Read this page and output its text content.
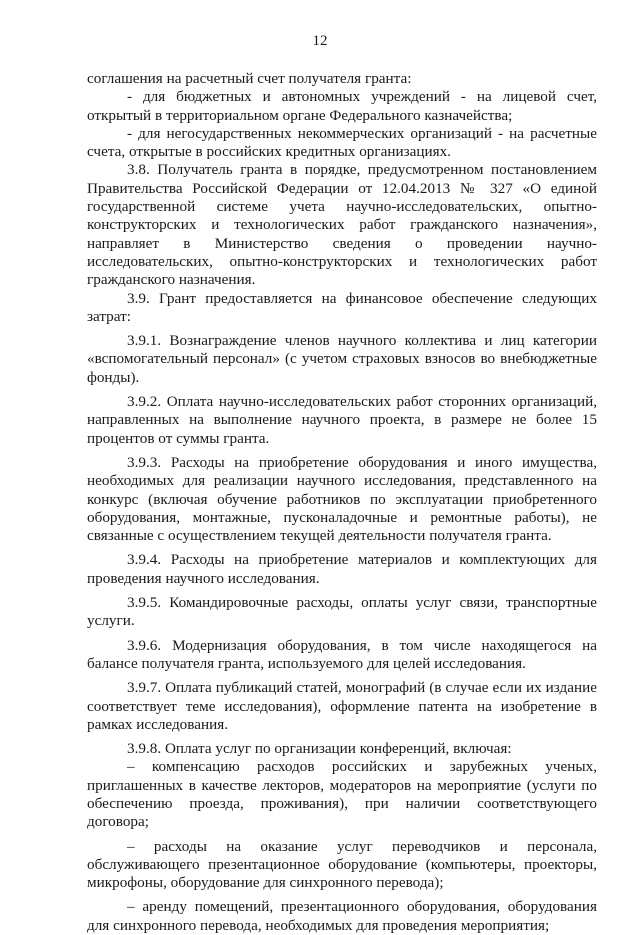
12

соглашения на расчетный счет получателя гранта:

- для бюджетных и автономных учреждений - на лицевой счет, открытый в территориальном органе Федерального казначейства;

- для негосударственных некоммерческих организаций - на расчетные счета, открытые в российских кредитных организациях.

3.8. Получатель гранта в порядке, предусмотренном постановлением Правительства Российской Федерации от 12.04.2013 № 327 «О единой государственной системе учета научно-исследовательских, опытно-конструкторских и технологических работ гражданского назначения», направляет в Министерство сведения о проведении научно-исследовательских, опытно-конструкторских и технологических работ гражданского назначения.

3.9. Грант предоставляется на финансовое обеспечение следующих затрат:

3.9.1. Вознаграждение членов научного коллектива и лиц категории «вспомогательный персонал» (с учетом страховых взносов во внебюджетные фонды).

3.9.2. Оплата научно-исследовательских работ сторонних организаций, направленных на выполнение научного проекта, в размере не более 15 процентов от суммы гранта.

3.9.3. Расходы на приобретение оборудования и иного имущества, необходимых для реализации научного исследования, представленного на конкурс (включая обучение работников по эксплуатации приобретенного оборудования, монтажные, пусконаладочные и ремонтные работы), не связанные с осуществлением текущей деятельности получателя гранта.

3.9.4. Расходы на приобретение материалов и комплектующих для проведения научного исследования.

3.9.5. Командировочные расходы, оплаты услуг связи, транспортные услуги.

3.9.6. Модернизация оборудования, в том числе находящегося на балансе получателя гранта, используемого для целей исследования.

3.9.7. Оплата публикаций статей, монографий (в случае если их издание соответствует теме исследования), оформление патента на изобретение в рамках исследования.

3.9.8. Оплата услуг по организации конференций, включая:

– компенсацию расходов российских и зарубежных ученых, приглашенных в качестве лекторов, модераторов на мероприятие (услуги по обеспечению проезда, проживания), при наличии соответствующего договора;

– расходы на оказание услуг переводчиков и персонала, обслуживающего презентационное оборудование (компьютеры, проекторы, микрофоны, оборудование для синхронного перевода);

– аренду помещений, презентационного оборудования, оборудования для синхронного перевода, необходимых для проведения мероприятия;
